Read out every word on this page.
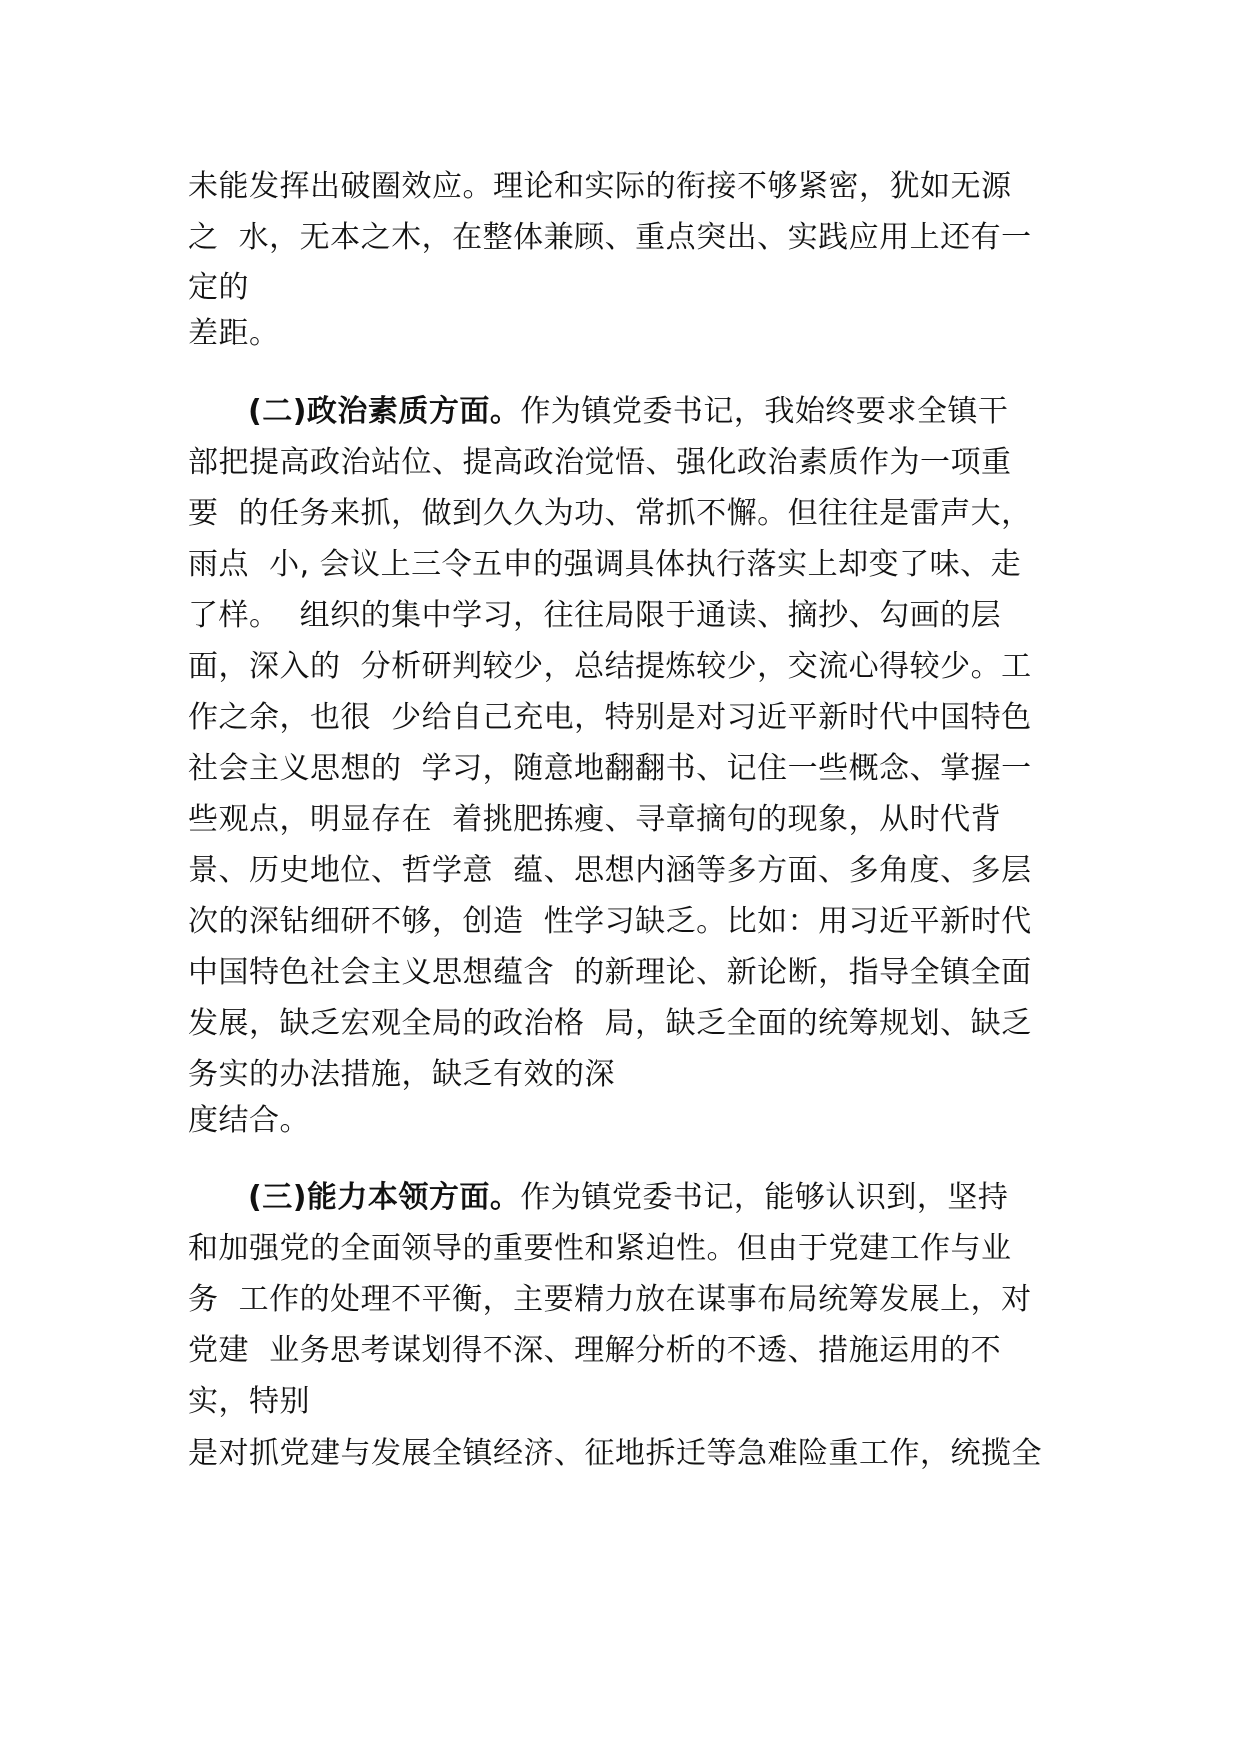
未能发挥出破圈效应。理论和实际的衔接不够紧密，犹如无源
之  水，无本之木，在整体兼顾、重点突出、实践应用上还有一
定的
差距。
(二)政治素质方面。作为镇党委书记，我始终要求全镇干
部把提高政治站位、提高政治觉悟、强化政治素质作为一项重
要  的任务来抓，做到久久为功、常抓不懈。但往往是雷声大，
雨点  小, 会议上三令五申的强调具体执行落实上却变了味、走
了样。  组织的集中学习，往往局限于通读、摘抄、勾画的层
面，深入的  分析研判较少，总结提炼较少，交流心得较少。工
作之余，也很  少给自己充电，特别是对习近平新时代中国特色
社会主义思想的  学习，随意地翻翻书、记住一些概念、掌握一
些观点，明显存在  着挑肥拣瘦、寻章摘句的现象，从时代背
景、历史地位、哲学意  蕴、思想内涵等多方面、多角度、多层
次的深钻细研不够，创造  性学习缺乏。比如：用习近平新时代
中国特色社会主义思想蕴含  的新理论、新论断，指导全镇全面
发展，缺乏宏观全局的政治格  局，缺乏全面的统筹规划、缺乏
务实的办法措施，缺乏有效的深
度结合。
(三)能力本领方面。作为镇党委书记，能够认识到，坚持
和加强党的全面领导的重要性和紧迫性。但由于党建工作与业
务  工作的处理不平衡，主要精力放在谋事布局统筹发展上，对
党建  业务思考谋划得不深、理解分析的不透、措施运用的不
实，特别
是对抓党建与发展全镇经济、征地拆迁等急难险重工作，统揽全
